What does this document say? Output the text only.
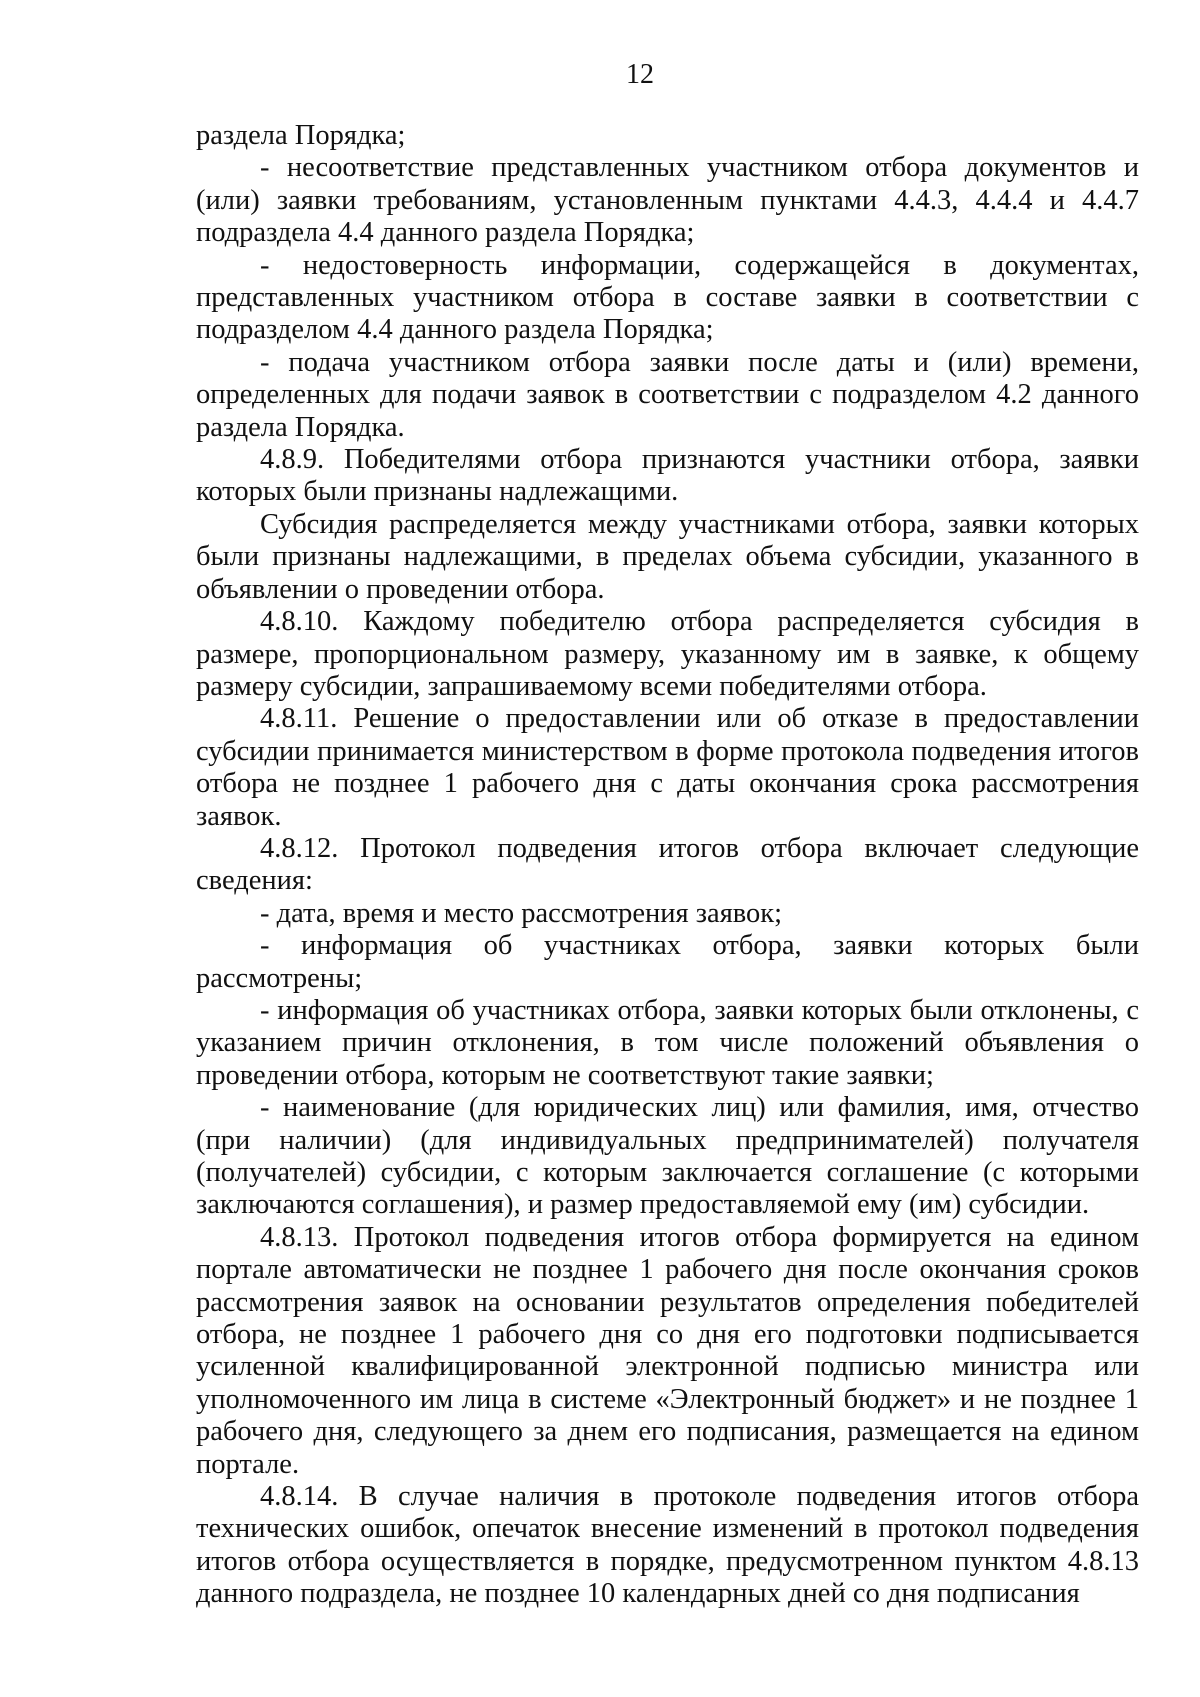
12

раздела Порядка;

- несоответствие представленных участником отбора документов и (или) заявки требованиям, установленным пунктами 4.4.3, 4.4.4 и 4.4.7 подраздела 4.4 данного раздела Порядка;

- недостоверность информации, содержащейся в документах, представленных участником отбора в составе заявки в соответствии с подразделом 4.4 данного раздела Порядка;

- подача участником отбора заявки после даты и (или) времени, определенных для подачи заявок в соответствии с подразделом 4.2 данного раздела Порядка.

4.8.9. Победителями отбора признаются участники отбора, заявки которых были признаны надлежащими.

Субсидия распределяется между участниками отбора, заявки которых были признаны надлежащими, в пределах объема субсидии, указанного в объявлении о проведении отбора.

4.8.10. Каждому победителю отбора распределяется субсидия в размере, пропорциональном размеру, указанному им в заявке, к общему размеру субсидии, запрашиваемому всеми победителями отбора.

4.8.11. Решение о предоставлении или об отказе в предоставлении субсидии принимается министерством в форме протокола подведения итогов отбора не позднее 1 рабочего дня с даты окончания срока рассмотрения заявок.

4.8.12. Протокол подведения итогов отбора включает следующие сведения:

- дата, время и место рассмотрения заявок;

- информация об участниках отбора, заявки которых были рассмотрены;

- информация об участниках отбора, заявки которых были отклонены, с указанием причин отклонения, в том числе положений объявления о проведении отбора, которым не соответствуют такие заявки;

- наименование (для юридических лиц) или фамилия, имя, отчество (при наличии) (для индивидуальных предпринимателей) получателя (получателей) субсидии, с которым заключается соглашение (с которыми заключаются соглашения), и размер предоставляемой ему (им) субсидии.

4.8.13. Протокол подведения итогов отбора формируется на едином портале автоматически не позднее 1 рабочего дня после окончания сроков рассмотрения заявок на основании результатов определения победителей отбора, не позднее 1 рабочего дня со дня его подготовки подписывается усиленной квалифицированной электронной подписью министра или уполномоченного им лица в системе «Электронный бюджет» и не позднее 1 рабочего дня, следующего за днем его подписания, размещается на едином портале.

4.8.14. В случае наличия в протоколе подведения итогов отбора технических ошибок, опечаток внесение изменений в протокол подведения итогов отбора осуществляется в порядке, предусмотренном пунктом 4.8.13 данного подраздела, не позднее 10 календарных дней со дня подписания
